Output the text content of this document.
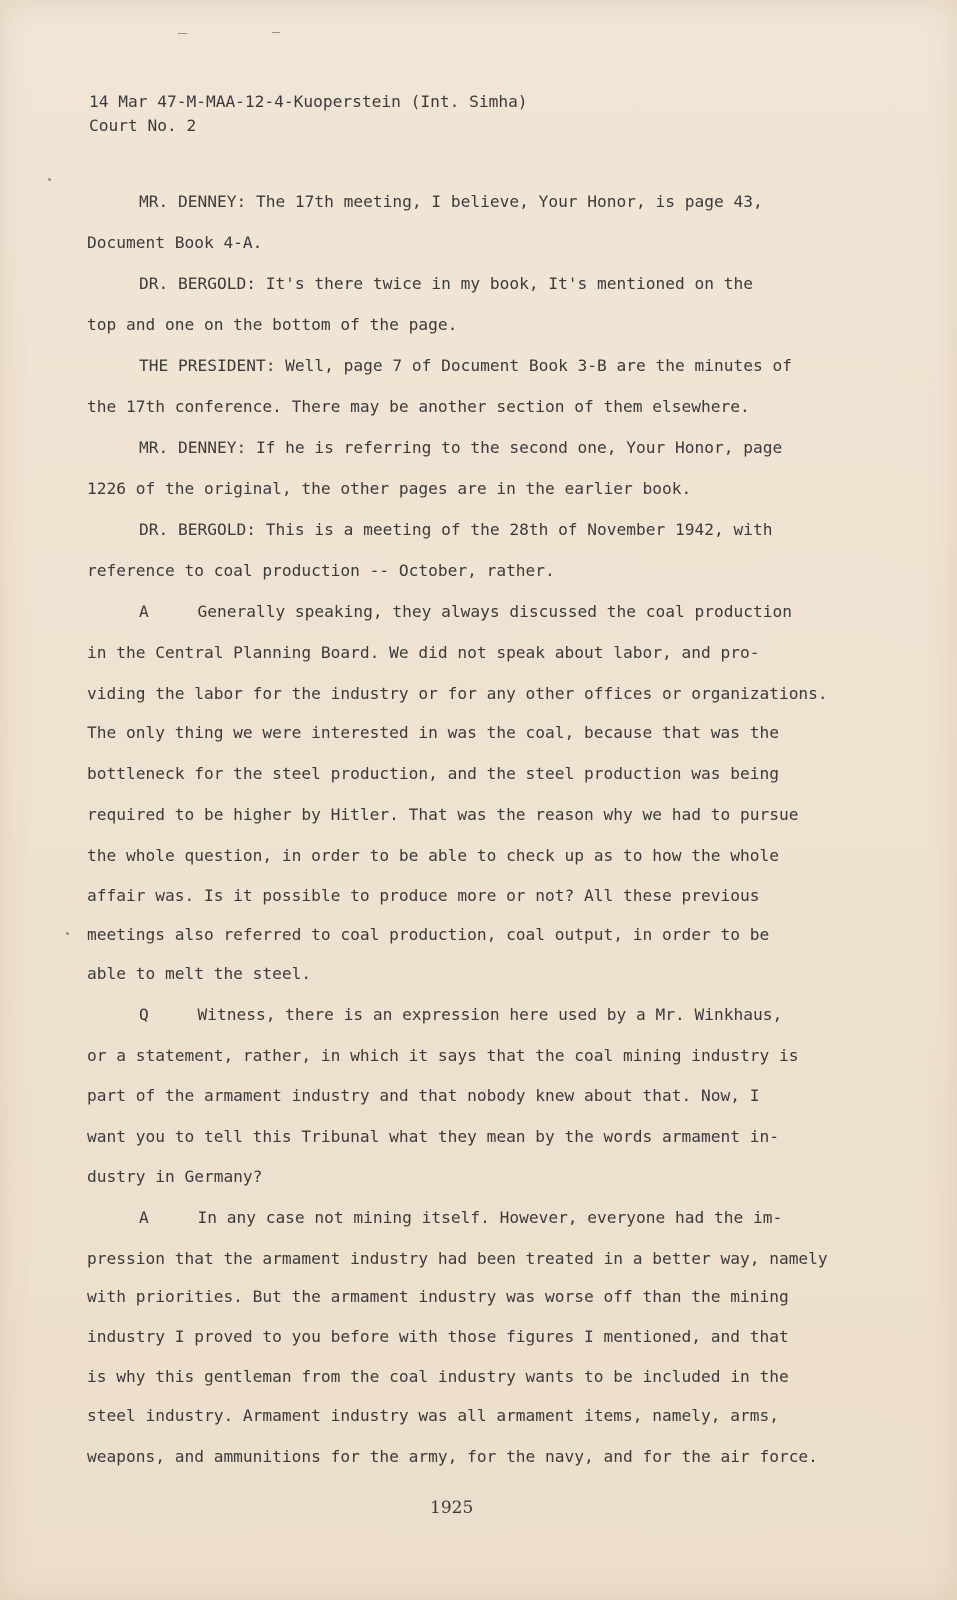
14 Mar 47-M-MAA-12-4-Kuoperstein (Int. Simha)
Court No. 2
MR. DENNEY: The 17th meeting, I believe, Your Honor, is page 43,
Document Book 4-A.
DR. BERGOLD: It's there twice in my book, It's mentioned on the
top and one on the bottom of the page.
THE PRESIDENT: Well, page 7 of Document Book 3-B are the minutes of
the 17th conference. There may be another section of them elsewhere.
MR. DENNEY: If he is referring to the second one, Your Honor, page
1226 of the original, the other pages are in the earlier book.
DR. BERGOLD: This is a meeting of the 28th of November 1942, with
reference to coal production -- October, rather.
A     Generally speaking, they always discussed the coal production
in the Central Planning Board. We did not speak about labor, and pro-
viding the labor for the industry or for any other offices or organizations.
The only thing we were interested in was the coal, because that was the
bottleneck for the steel production, and the steel production was being
required to be higher by Hitler. That was the reason why we had to pursue
the whole question, in order to be able to check up as to how the whole
affair was. Is it possible to produce more or not? All these previous
meetings also referred to coal production, coal output, in order to be
able to melt the steel.
Q     Witness, there is an expression here used by a Mr. Winkhaus,
or a statement, rather, in which it says that the coal mining industry is
part of the armament industry and that nobody knew about that. Now, I
want you to tell this Tribunal what they mean by the words armament in-
dustry in Germany?
A     In any case not mining itself. However, everyone had the im-
pression that the armament industry had been treated in a better way, namely
with priorities. But the armament industry was worse off than the mining
industry I proved to you before with those figures I mentioned, and that
is why this gentleman from the coal industry wants to be included in the
steel industry. Armament industry was all armament items, namely, arms,
weapons, and ammunitions for the army, for the navy, and for the air force.
1925
